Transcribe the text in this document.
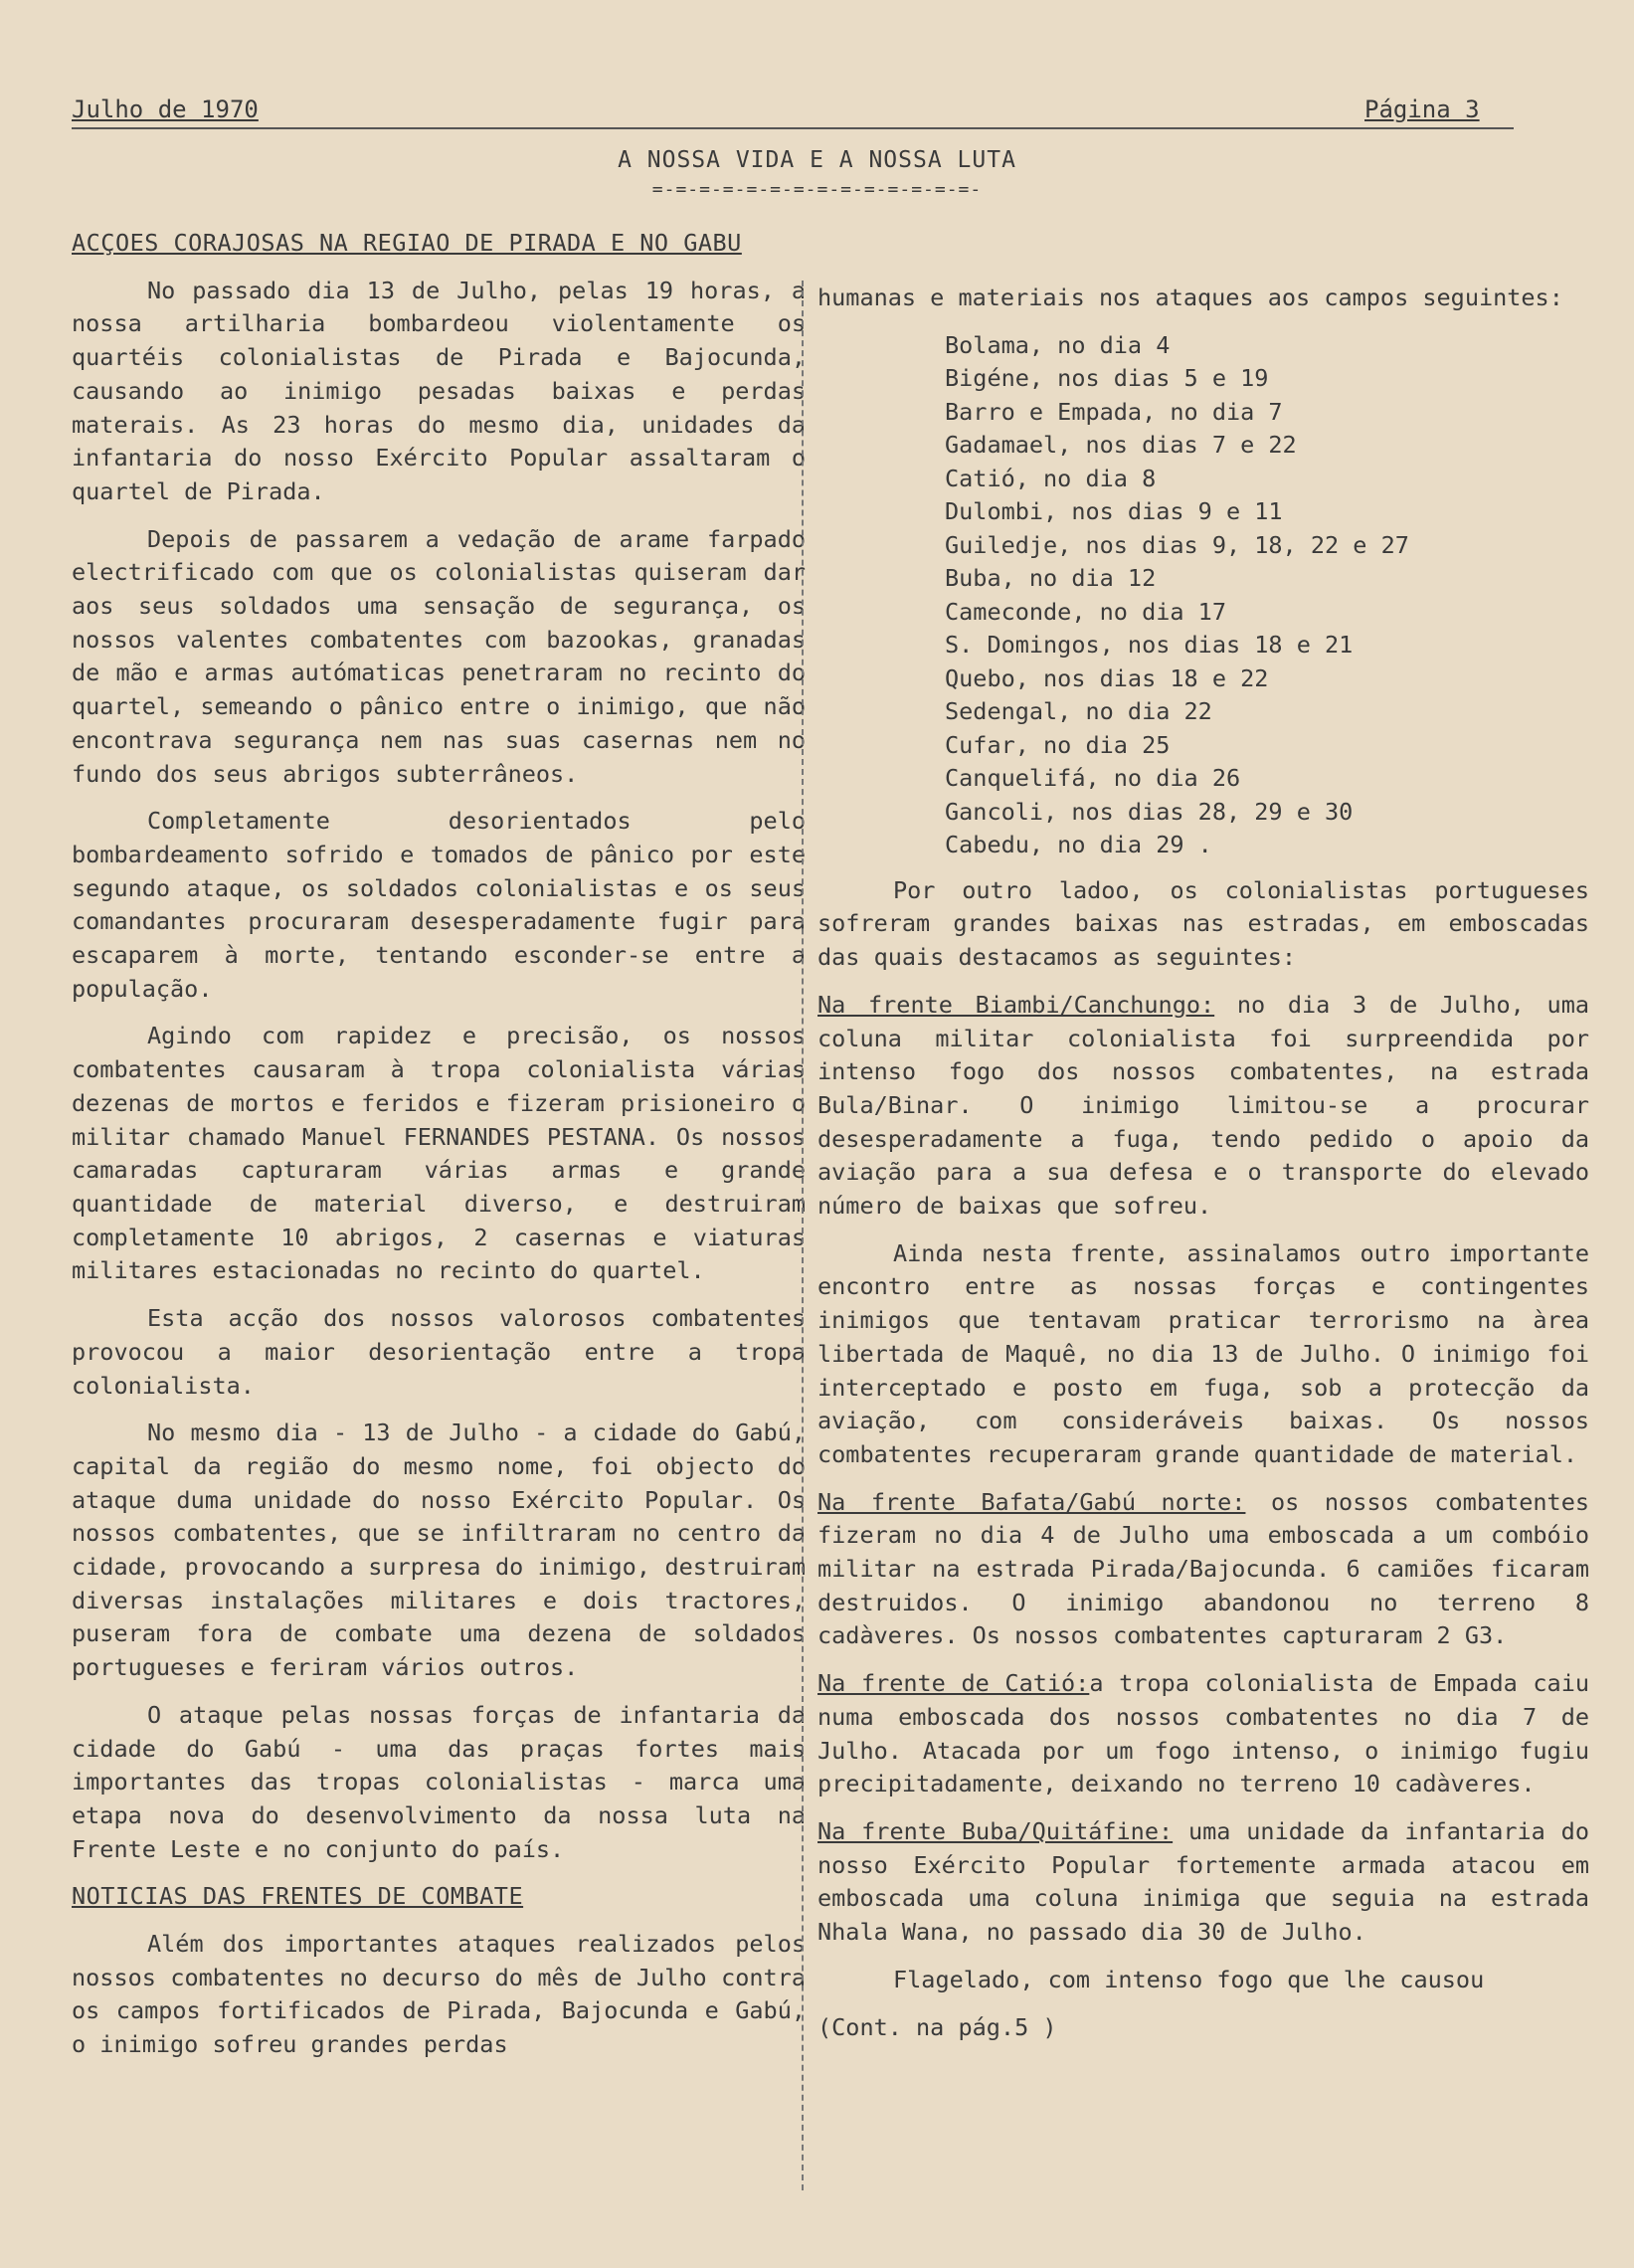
Julho de 1970	Página 3
A NOSSA VIDA E A NOSSA LUTA
=-=-=-=-=-=-=-=-=-=-=-=-=-=-
ACÇOES CORAJOSAS NA REGIAO DE PIRADA E NO GABU

No passado dia 13 de Julho, pelas 19 horas, a nossa artilharia bombardeou violentamente os quartéis colonialistas de Pirada e Bajocunda, causando ao inimigo pesadas baixas e perdas materais. As 23 horas do mesmo dia, unidades da infantaria do nosso Exército Popular assaltaram o quartel de Pirada.

Depois de passarem a vedação de arame farpado electrificado com que os colonialistas quiseram dar aos seus soldados uma sensação de segurança, os nossos valentes combatentes com bazookas, granadas de mão e armas autómaticas penetraram no recinto do quartel, semeando o pânico entre o inimigo, que não encontrava segurança nem nas suas casernas nem no fundo dos seus abrigos subterrâneos.

Completamente desorientados pelo bombardeamento sofrido e tomados de pânico por este segundo ataque, os soldados colonialistas e os seus comandantes procuraram desesperadamente fugir para escaparem à morte, tentando esconder-se entre a população.

Agindo com rapidez e precisão, os nossos combatentes causaram à tropa colonialista várias dezenas de mortos e feridos e fizeram prisioneiro o militar chamado Manuel FERNANDES PESTANA. Os nossos camaradas capturaram várias armas e grande quantidade de material diverso, e destruiram completamente 10 abrigos, 2 casernas e viaturas militares estacionadas no recinto do quartel.

Esta acção dos nossos valorosos combatentes provocou a maior desorientação entre a tropa colonialista.

No mesmo dia - 13 de Julho - a cidade do Gabú, capital da região do mesmo nome, foi objecto do ataque duma unidade do nosso Exército Popular. Os nossos combatentes, que se infiltraram no centro da cidade, provocando a surpresa do inimigo, destruiram diversas instalações militares e dois tractores, puseram fora de combate uma dezena de soldados portugueses e feriram vários outros.

O ataque pelas nossas forças de infantaria da cidade do Gabú - uma das praças fortes mais importantes das tropas colonialistas - marca uma etapa nova do desenvolvimento da nossa luta na Frente Leste e no conjunto do país.

NOTICIAS DAS FRENTES DE COMBATE

Além dos importantes ataques realizados pelos nossos combatentes no decurso do mês de Julho contra os campos fortificados de Pirada, Bajocunda e Gabú, o inimigo sofreu grandes perdas

humanas e materiais nos ataques aos campos seguintes:

Bolama, no dia 4
Bigéne, nos dias 5 e 19
Barro e Empada, no dia 7
Gadamael, nos dias 7 e 22
Catió, no dia 8
Dulombi, nos dias 9 e 11
Guiledje, nos dias 9, 18, 22 e 27
Buba, no dia 12
Cameconde, no dia 17
S. Domingos, nos dias 18 e 21
Quebo, nos dias 18 e 22
Sedengal, no dia 22
Cufar, no dia 25
Canquelifá, no dia 26
Gancoli, nos dias 28, 29 e 30
Cabedu, no dia 29 .

Por outro ladoo, os colonialistas portugueses sofreram grandes baixas nas estradas, em emboscadas das quais destacamos as seguintes:

Na frente Biambi/Canchungo: no dia 3 de Julho, uma coluna militar colonialista foi surpreendida por intenso fogo dos nossos combatentes, na estrada Bula/Binar. O inimigo limitou-se a procurar desesperadamente a fuga, tendo pedido o apoio da aviação para a sua defesa e o transporte do elevado número de baixas que sofreu.

Ainda nesta frente, assinalamos outro importante encontro entre as nossas forças e contingentes inimigos que tentavam praticar terrorismo na àrea libertada de Maquê, no dia 13 de Julho. O inimigo foi interceptado e posto em fuga, sob a protecção da aviação, com consideráveis baixas. Os nossos combatentes recuperaram grande quantidade de material.

Na frente Bafata/Gabú norte: os nossos combatentes fizeram no dia 4 de Julho uma emboscada a um combóio militar na estrada Pirada/Bajocunda. 6 camiões ficaram destruidos. O inimigo abandonou no terreno 8 cadàveres. Os nossos combatentes capturaram 2 G3.

Na frente de Catió:a tropa colonialista de Empada caiu numa emboscada dos nossos combatentes no dia 7 de Julho. Atacada por um fogo intenso, o inimigo fugiu precipitadamente, deixando no terreno 10 cadàveres.

Na frente Buba/Quitáfine: uma unidade da infantaria do nosso Exército Popular fortemente armada atacou em emboscada uma coluna inimiga que seguia na estrada Nhala Wana, no passado dia 30 de Julho.

Flagelado, com intenso fogo que lhe causou

(Cont. na pág.5 )
